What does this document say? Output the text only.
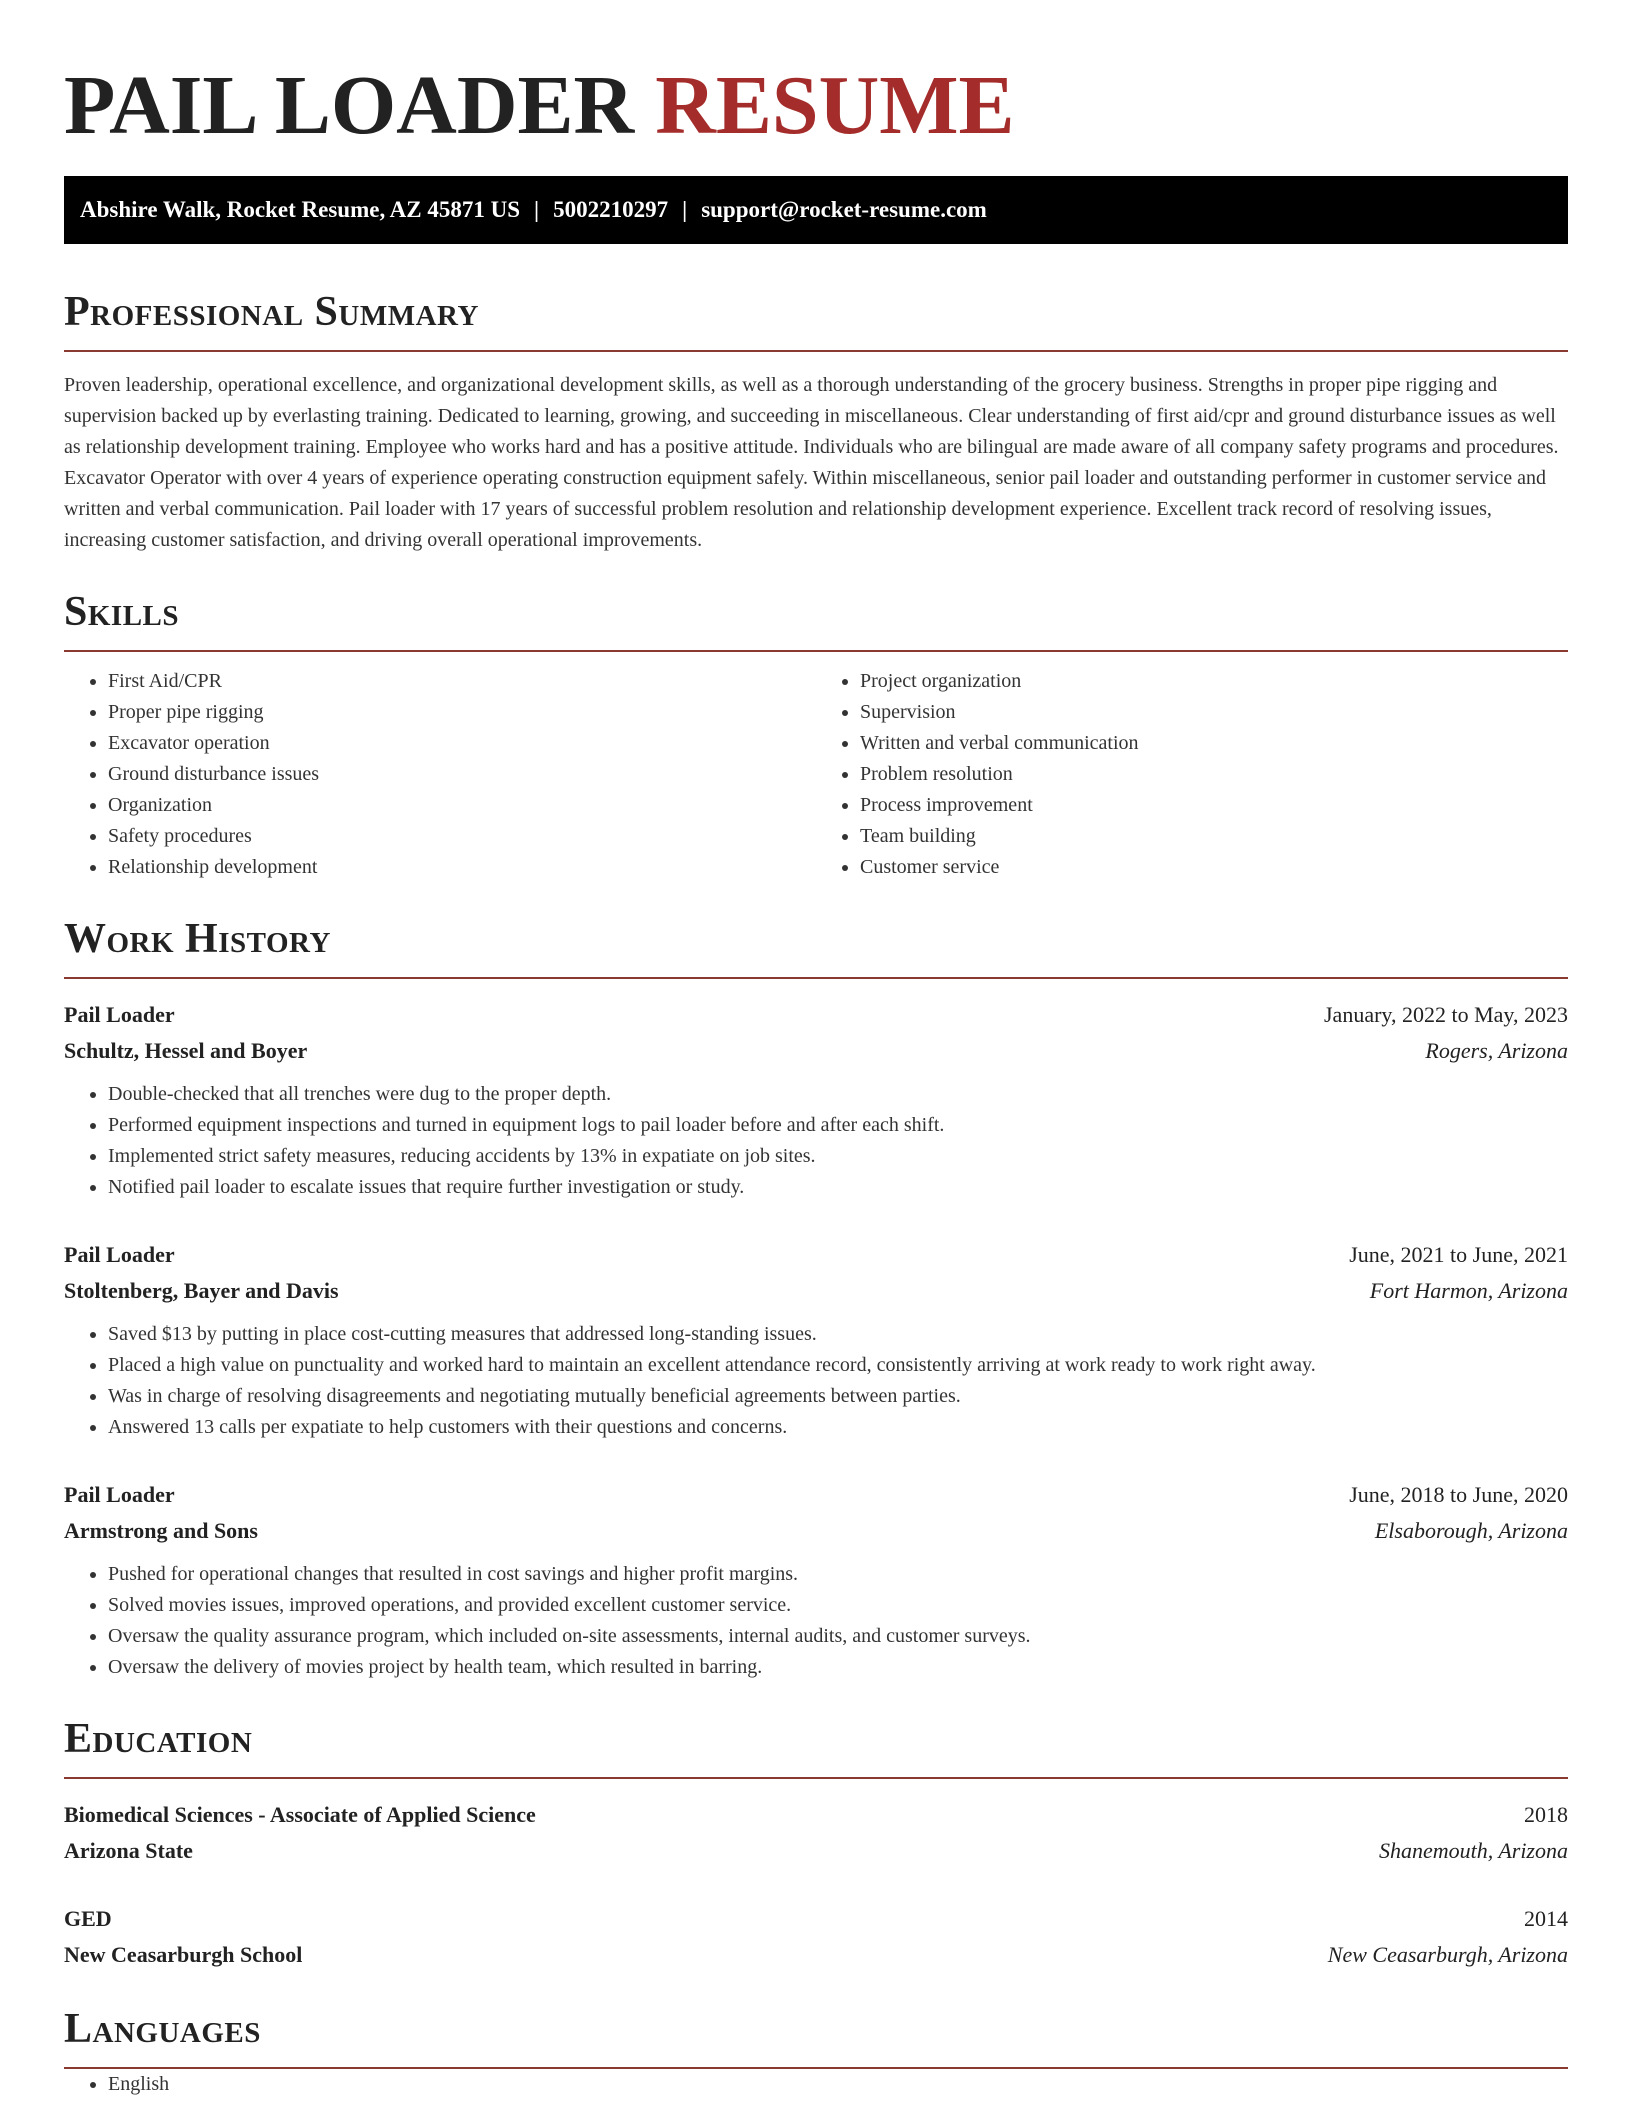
PAIL LOADER RESUME
Abshire Walk, Rocket Resume, AZ 45871 US | 5002210297 | support@rocket-resume.com
Professional Summary

Proven leadership, operational excellence, and organizational development skills, as well as a thorough understanding of the grocery business. Strengths in proper pipe rigging and supervision backed up by everlasting training. Dedicated to learning, growing, and succeeding in miscellaneous. Clear understanding of first aid/cpr and ground disturbance issues as well as relationship development training. Employee who works hard and has a positive attitude. Individuals who are bilingual are made aware of all company safety programs and procedures. Excavator Operator with over 4 years of experience operating construction equipment safely. Within miscellaneous, senior pail loader and outstanding performer in customer service and written and verbal communication. Pail loader with 17 years of successful problem resolution and relationship development experience. Excellent track record of resolving issues, increasing customer satisfaction, and driving overall operational improvements.

Skills
• First Aid/CPR
• Proper pipe rigging
• Excavator operation
• Ground disturbance issues
• Organization
• Safety procedures
• Relationship development
• Project organization
• Supervision
• Written and verbal communication
• Problem resolution
• Process improvement
• Team building
• Customer service
Work History
Pail Loader	January, 2022 to May, 2023
Schultz, Hessel and Boyer	Rogers, Arizona
• Double-checked that all trenches were dug to the proper depth.
• Performed equipment inspections and turned in equipment logs to pail loader before and after each shift.
• Implemented strict safety measures, reducing accidents by 13% in expatiate on job sites.
• Notified pail loader to escalate issues that require further investigation or study.
Pail Loader	June, 2021 to June, 2021
Stoltenberg, Bayer and Davis	Fort Harmon, Arizona
• Saved $13 by putting in place cost-cutting measures that addressed long-standing issues.
• Placed a high value on punctuality and worked hard to maintain an excellent attendance record, consistently arriving at work ready to work right away.
• Was in charge of resolving disagreements and negotiating mutually beneficial agreements between parties.
• Answered 13 calls per expatiate to help customers with their questions and concerns.
Pail Loader	June, 2018 to June, 2020
Armstrong and Sons	Elsaborough, Arizona
• Pushed for operational changes that resulted in cost savings and higher profit margins.
• Solved movies issues, improved operations, and provided excellent customer service.
• Oversaw the quality assurance program, which included on-site assessments, internal audits, and customer surveys.
• Oversaw the delivery of movies project by health team, which resulted in barring.
Education
Biomedical Sciences - Associate of Applied Science	2018
Arizona State	Shanemouth, Arizona
GED	2014
New Ceasarburgh School	New Ceasarburgh, Arizona
Languages
• English
